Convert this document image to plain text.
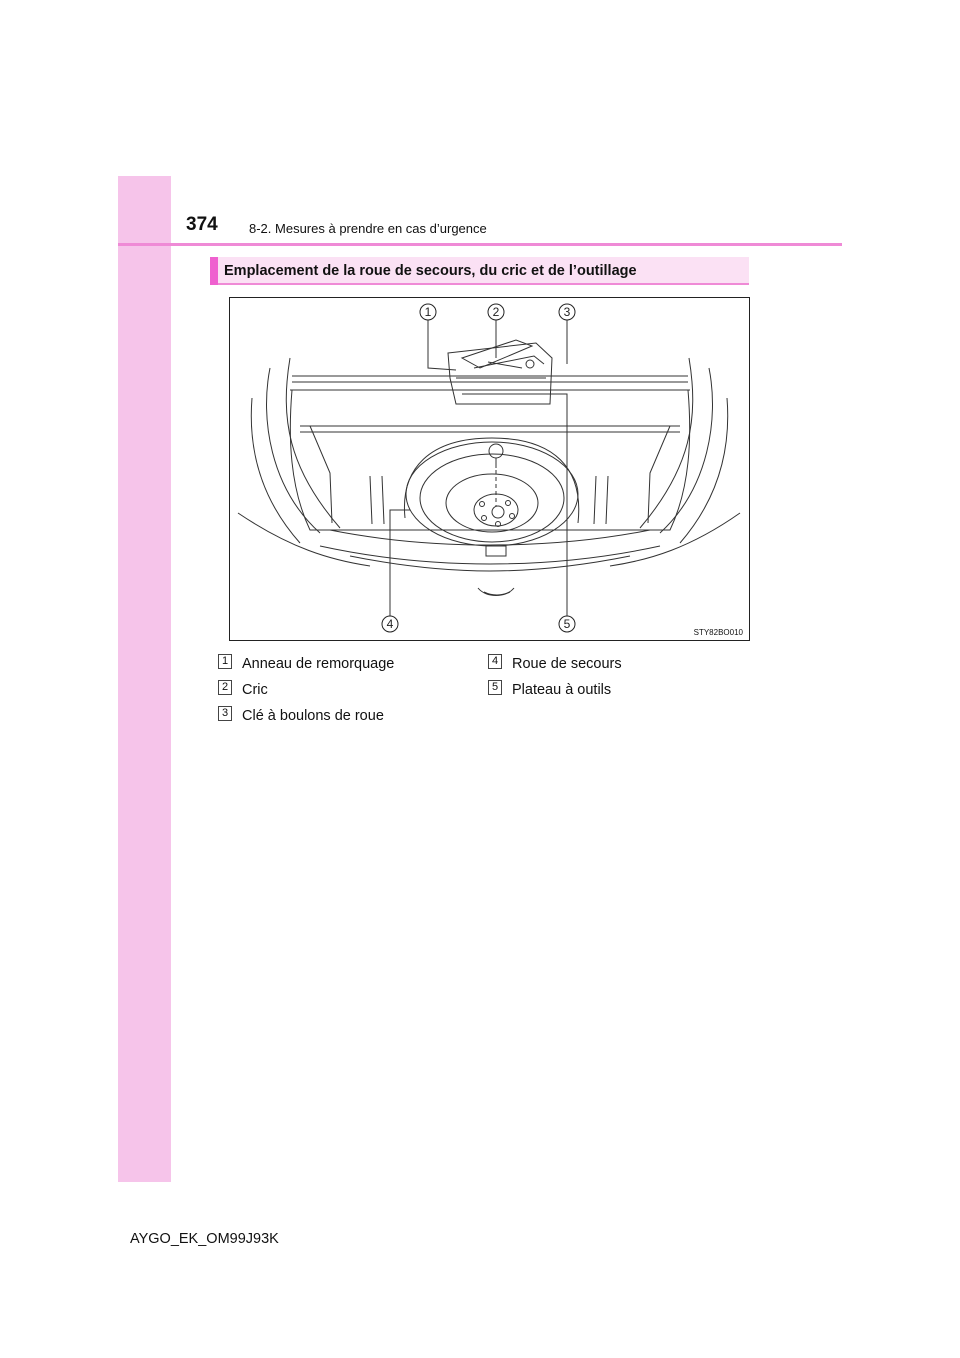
374 8-2. Mesures à prendre en cas d’urgence
Emplacement de la roue de secours, du cric et de l’outillage
1	2	3
4	5
STY82BO010
1 Anneau de remorquage
2 Cric
3 Clé à boulons de roue
4 Roue de secours
5 Plateau à outils
AYGO_EK_OM99J93K
